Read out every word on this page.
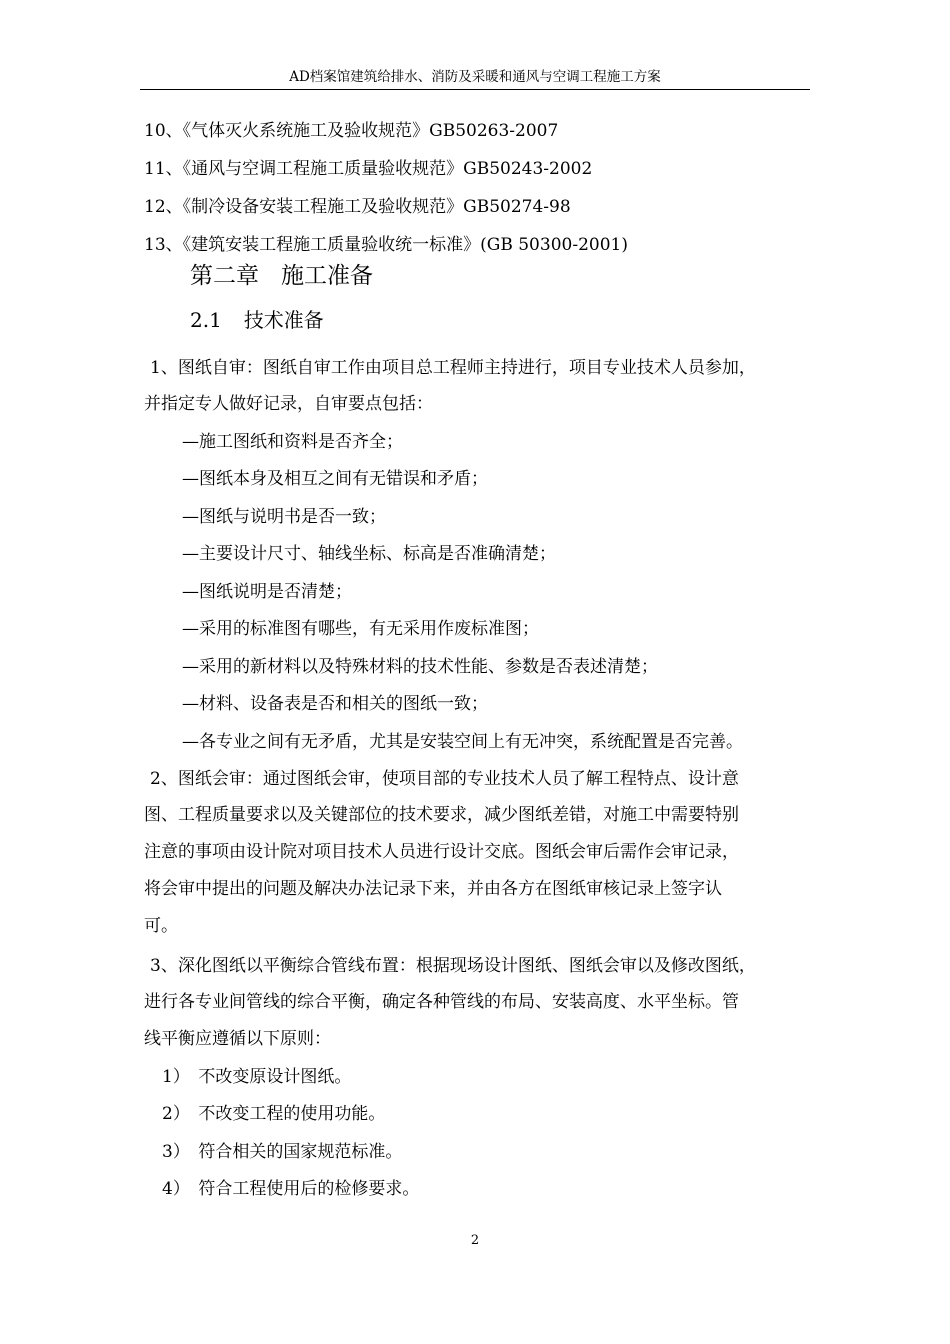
AD档案馆建筑给排水、消防及采暖和通风与空调工程施工方案
10、《气体灭火系统施工及验收规范》GB50263-2007
11、《通风与空调工程施工质量验收规范》GB50243-2002
12、《制冷设备安装工程施工及验收规范》GB50274-98
13、《建筑安装工程施工质量验收统一标准》(GB 50300-2001)
第二章 施工准备
2.1 技术准备
1、图纸自审：图纸自审工作由项目总工程师主持进行，项目专业技术人员参加，
并指定专人做好记录，自审要点包括：
—施工图纸和资料是否齐全；
—图纸本身及相互之间有无错误和矛盾；
—图纸与说明书是否一致；
—主要设计尺寸、轴线坐标、标高是否准确清楚；
—图纸说明是否清楚；
—采用的标准图有哪些，有无采用作废标准图；
—采用的新材料以及特殊材料的技术性能、参数是否表述清楚；
—材料、设备表是否和相关的图纸一致；
—各专业之间有无矛盾，尤其是安装空间上有无冲突，系统配置是否完善。
2、图纸会审：通过图纸会审，使项目部的专业技术人员了解工程特点、设计意
图、工程质量要求以及关键部位的技术要求，减少图纸差错，对施工中需要特别
注意的事项由设计院对项目技术人员进行设计交底。图纸会审后需作会审记录，
将会审中提出的问题及解决办法记录下来，并由各方在图纸审核记录上签字认
可。
3、深化图纸以平衡综合管线布置：根据现场设计图纸、图纸会审以及修改图纸，
进行各专业间管线的综合平衡，确定各种管线的布局、安装高度、水平坐标。管
线平衡应遵循以下原则：
1）　不改变原设计图纸。
2）　不改变工程的使用功能。
3）　符合相关的国家规范标准。
4）　符合工程使用后的检修要求。
2
